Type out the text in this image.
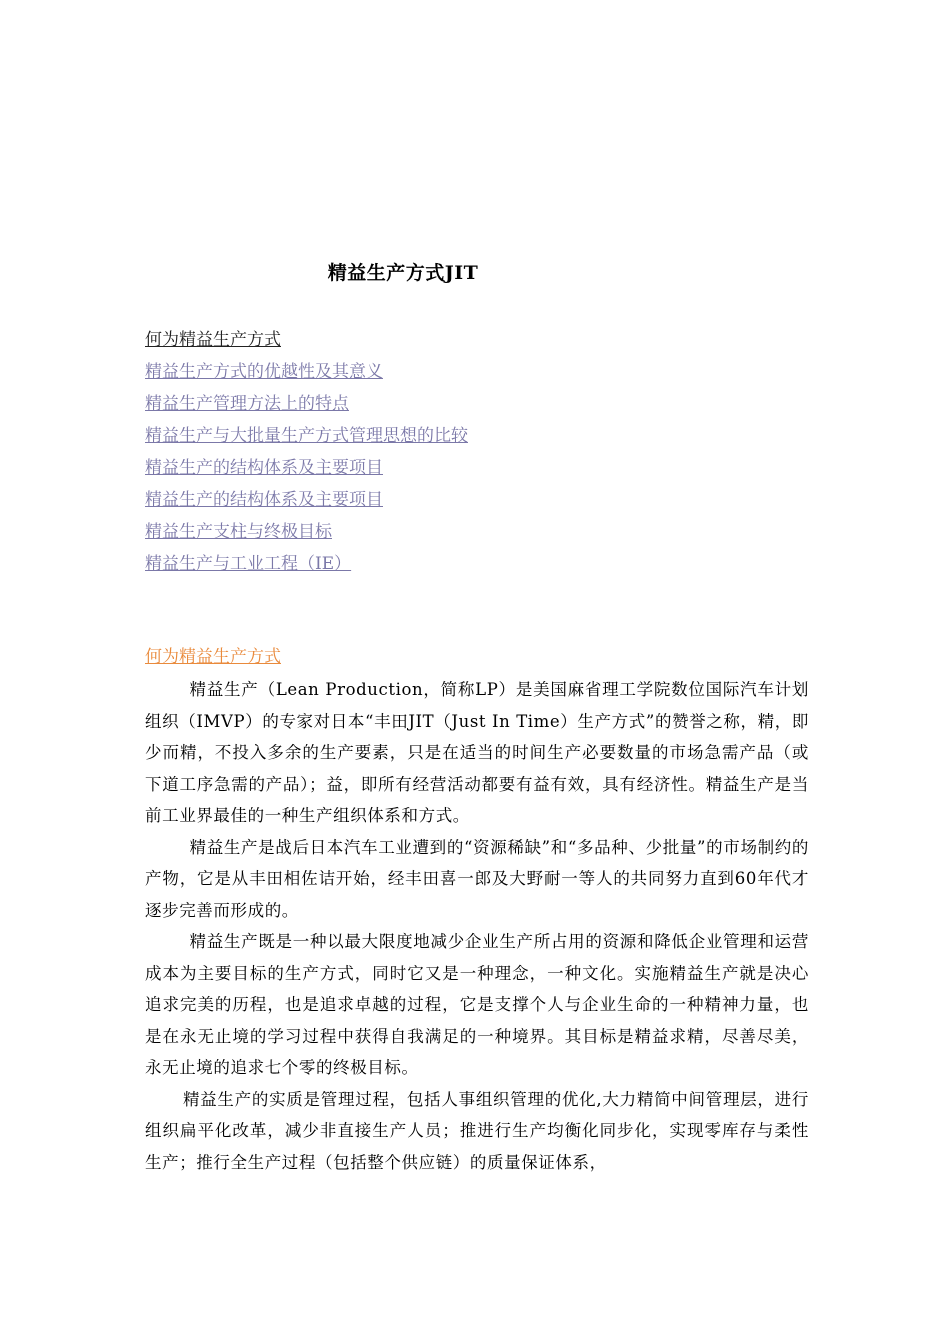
精益生产方式JIT
何为精益生产方式
精益生产方式的优越性及其意义
精益生产管理方法上的特点
精益生产与大批量生产方式管理思想的比较
精益生产的结构体系及主要项目
精益生产的结构体系及主要项目
精益生产支柱与终极目标
精益生产与工业工程（IE）
何为精益生产方式

精益生产（Lean Production，简称LP）是美国麻省理工学院数位国际汽车计划组织（IMVP）的专家对日本“丰田JIT（Just In Time）生产方式”的赞誉之称，精，即少而精，不投入多余的生产要素，只是在适当的时间生产必要数量的市场急需产品（或下道工序急需的产品）；益，即所有经营活动都要有益有效，具有经济性。精益生产是当前工业界最佳的一种生产组织体系和方式。

精益生产是战后日本汽车工业遭到的“资源稀缺”和“多品种、少批量”的市场制约的产物，它是从丰田相佐诘开始，经丰田喜一郎及大野耐一等人的共同努力直到60年代才逐步完善而形成的。

精益生产既是一种以最大限度地减少企业生产所占用的资源和降低企业管理和运营成本为主要目标的生产方式，同时它又是一种理念，一种文化。实施精益生产就是决心追求完美的历程，也是追求卓越的过程，它是支撑个人与企业生命的一种精神力量，也是在永无止境的学习过程中获得自我满足的一种境界。其目标是精益求精，尽善尽美，永无止境的追求七个零的终极目标。

精益生产的实质是管理过程，包括人事组织管理的优化,大力精简中间管理层，进行组织扁平化改革，减少非直接生产人员；推进行生产均衡化同步化，实现零库存与柔性生产；推行全生产过程（包括整个供应链）的质量保证体系，
